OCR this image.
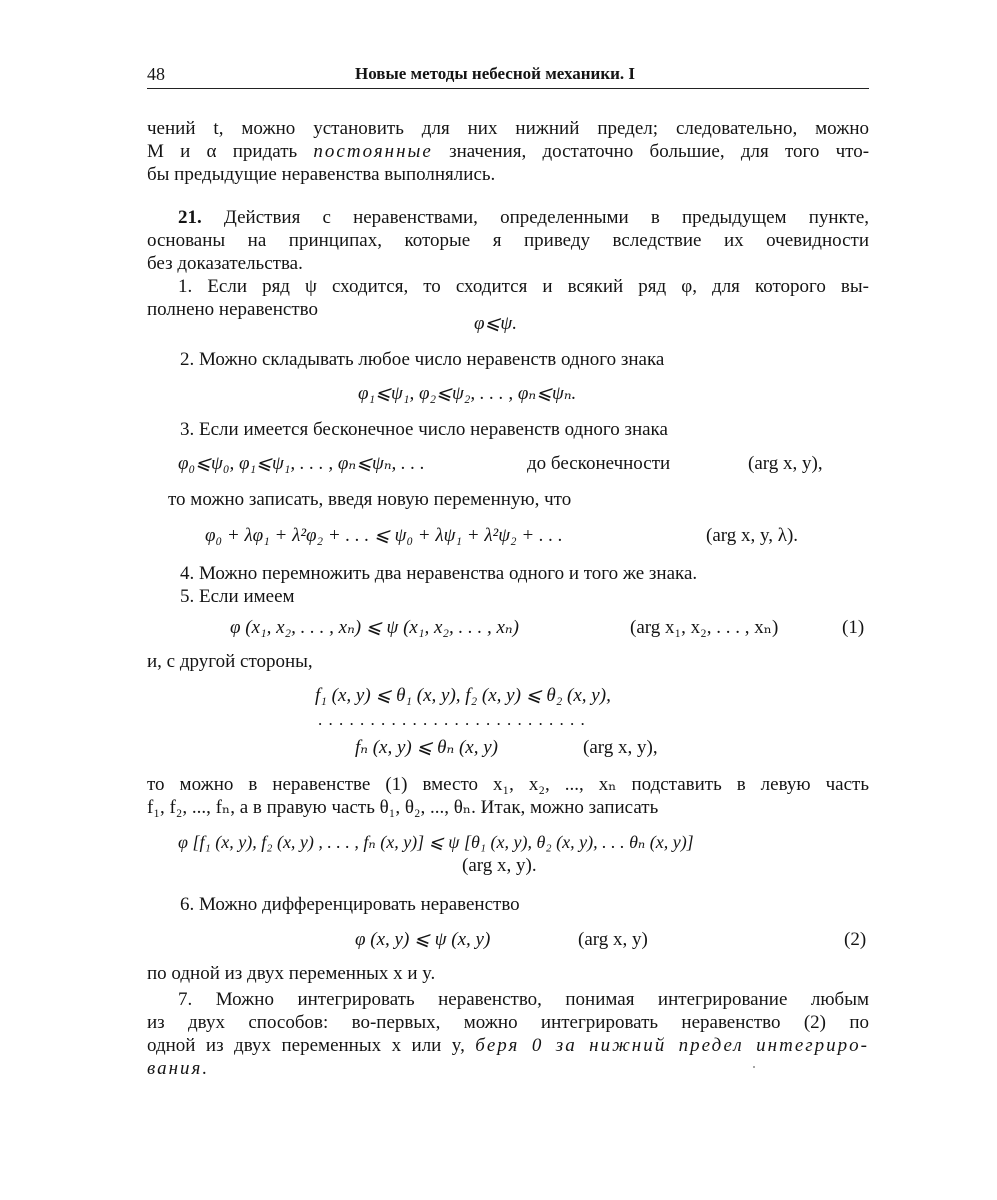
48	Новые методы небесной механики. I
чений t, можно установить для них нижний предел; следовательно, можно
M и α придать постоянные значения, достаточно большие, для того что-
бы предыдущие неравенства выполнялись.
21. Действия с неравенствами, определенными в предыдущем пункте,
основаны на принципах, которые я приведу вследствие их очевидности
без доказательства.
1. Если ряд ψ сходится, то сходится и всякий ряд φ, для которого вы-
полнено неравенство
φ⩽ψ.
2. Можно складывать любое число неравенств одного знака
φ₁⩽ψ₁, φ₂⩽ψ₂, . . . , φₙ⩽ψₙ.
3. Если имеется бесконечное число неравенств одного знака
φ₀⩽ψ₀, φ₁⩽ψ₁, . . . , φₙ⩽ψₙ, . . .	до бесконечности	(arg x, y),
то можно записать, введя новую переменную, что
φ₀ + λφ₁ + λ²φ₂ + . . . ⩽ ψ₀ + λψ₁ + λ²ψ₂ + . . .	(arg x, y, λ).
4. Можно перемножить два неравенства одного и того же знака.
5. Если имеем
φ (x₁, x₂, . . . , xₙ) ⩽ ψ (x₁, x₂, . . . , xₙ)	(arg x₁, x₂, . . . , xₙ)	(1)
и, с другой стороны,
f₁ (x, y) ⩽ θ₁ (x, y), f₂ (x, y) ⩽ θ₂ (x, y),
. . . . . . . . . . . . . . . . . . . . . . . . . .
fₙ (x, y) ⩽ θₙ (x, y)	(arg x, y),
то можно в неравенстве (1) вместо x₁, x₂, ..., xₙ подставить в левую часть
f₁, f₂, ..., fₙ, а в правую часть θ₁, θ₂, ..., θₙ. Итак, можно записать
φ [f₁ (x, y), f₂ (x, y) , . . . , fₙ (x, y)] ⩽ ψ [θ₁ (x, y), θ₂ (x, y), . . . θₙ (x, y)]
(arg x, y).
6. Можно дифференцировать неравенство
φ (x, y) ⩽ ψ (x, y)	(arg x, y)	(2)
по одной из двух переменных x и y.
7. Можно интегрировать неравенство, понимая интегрирование любым
из двух способов: во-первых, можно интегрировать неравенство (2) по
одной из двух переменных x или y, беря 0 за нижний предел интегриро-
вания.
